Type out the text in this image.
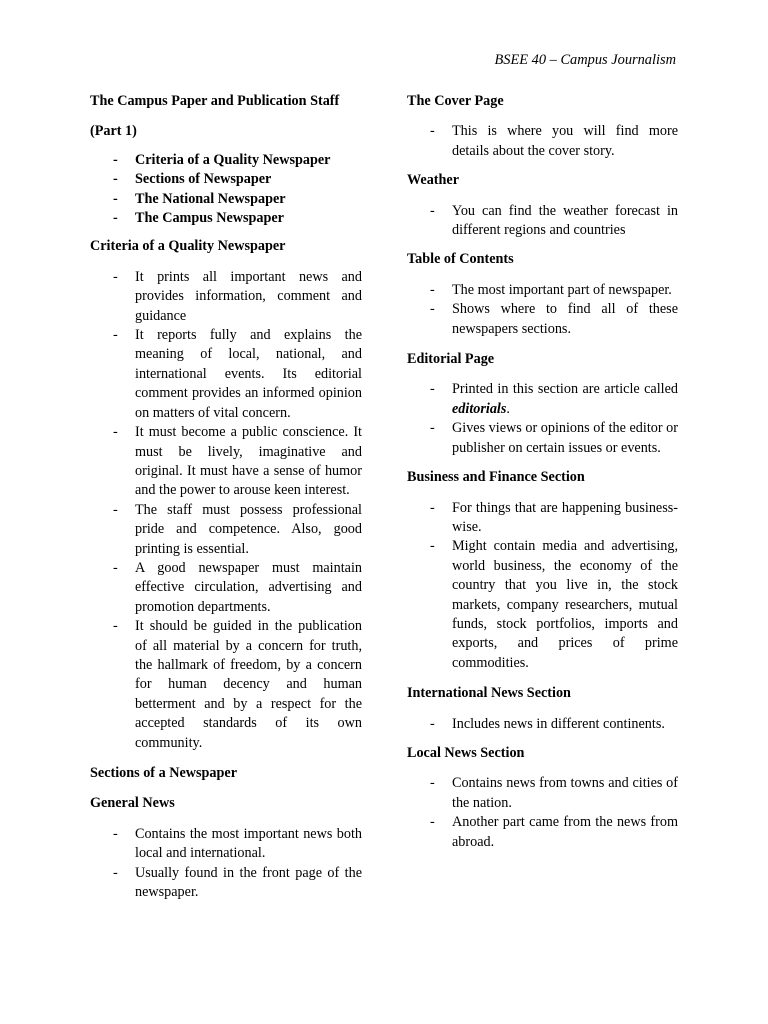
BSEE 40 – Campus Journalism
The Campus Paper and Publication Staff
(Part 1)
- Criteria of a Quality Newspaper
- Sections of Newspaper
- The National Newspaper
- The Campus Newspaper
Criteria of a Quality Newspaper
- It prints all important news and provides information, comment and guidance
- It reports fully and explains the meaning of local, national, and international events. Its editorial comment provides an informed opinion on matters of vital concern.
- It must become a public conscience. It must be lively, imaginative and original. It must have a sense of humor and the power to arouse keen interest.
- The staff must possess professional pride and competence. Also, good printing is essential.
- A good newspaper must maintain effective circulation, advertising and promotion departments.
- It should be guided in the publication of all material by a concern for truth, the hallmark of freedom, by a concern for human decency and human betterment and by a respect for the accepted standards of its own community.
Sections of a Newspaper
General News
- Contains the most important news both local and international.
- Usually found in the front page of the newspaper.
The Cover Page
- This is where you will find more details about the cover story.
Weather
- You can find the weather forecast in different regions and countries
Table of Contents
- The most important part of newspaper.
- Shows where to find all of these newspapers sections.
Editorial Page
- Printed in this section are article called editorials.
- Gives views or opinions of the editor or publisher on certain issues or events.
Business and Finance Section
- For things that are happening business-wise.
- Might contain media and advertising, world business, the economy of the country that you live in, the stock markets, company researchers, mutual funds, stock portfolios, imports and exports, and prices of prime commodities.
International News Section
- Includes news in different continents.
Local News Section
- Contains news from towns and cities of the nation.
- Another part came from the news from abroad.
